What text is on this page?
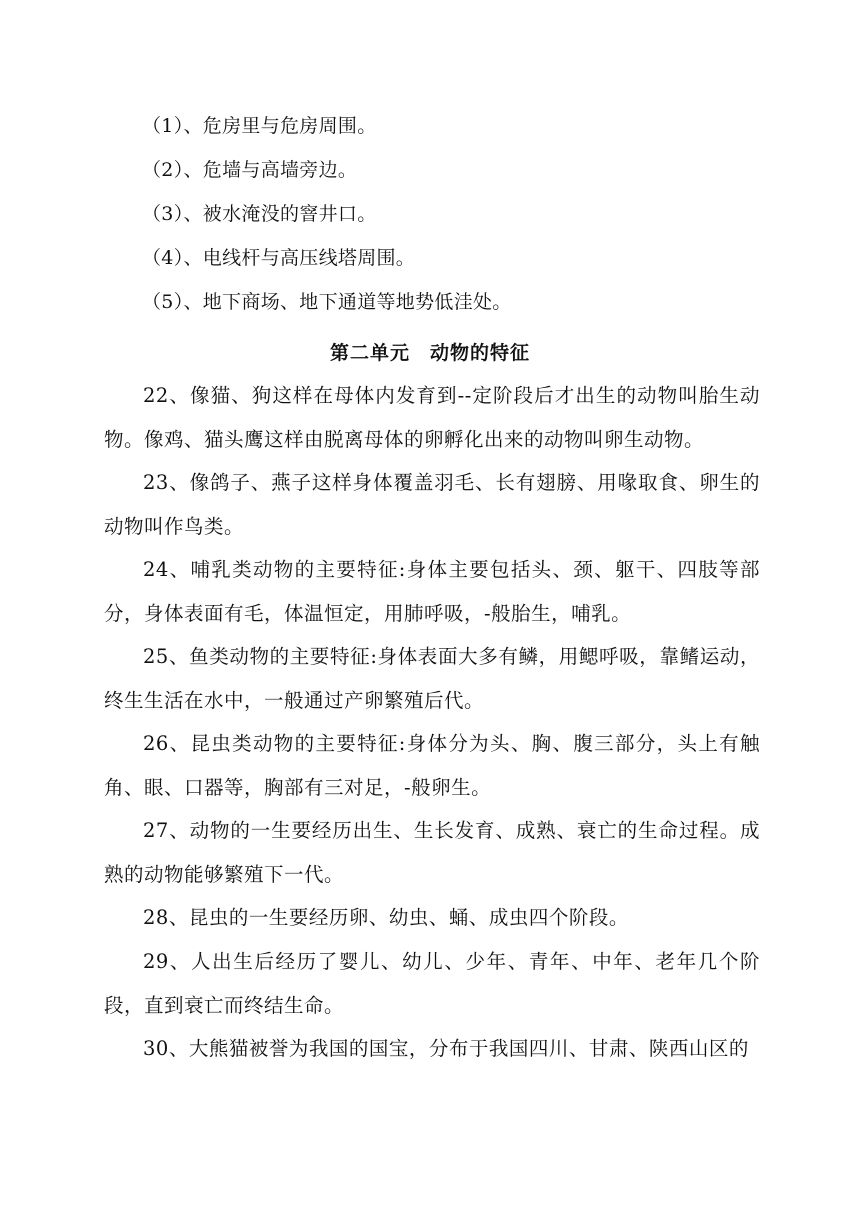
（1）、危房里与危房周围。
（2）、危墙与高墙旁边。
（3）、被水淹没的窨井口。
（4）、电线杆与高压线塔周围。
（5）、地下商场、地下通道等地势低洼处。
第二单元　动物的特征
22、像猫、狗这样在母体内发育到--定阶段后才出生的动物叫胎生动物。像鸡、猫头鹰这样由脱离母体的卵孵化出来的动物叫卵生动物。
23、像鸽子、燕子这样身体覆盖羽毛、长有翅膀、用喙取食、卵生的动物叫作鸟类。
24、哺乳类动物的主要特征:身体主要包括头、颈、躯干、四肢等部分，身体表面有毛，体温恒定，用肺呼吸，-般胎生，哺乳。
25、鱼类动物的主要特征:身体表面大多有鳞，用鳃呼吸，靠鳍运动，终生生活在水中，一般通过产卵繁殖后代。
26、昆虫类动物的主要特征:身体分为头、胸、腹三部分，头上有触角、眼、口器等，胸部有三对足，-般卵生。
27、动物的一生要经历出生、生长发育、成熟、衰亡的生命过程。成熟的动物能够繁殖下一代。
28、昆虫的一生要经历卵、幼虫、蛹、成虫四个阶段。
29、人出生后经历了婴儿、幼儿、少年、青年、中年、老年几个阶段，直到衰亡而终结生命。
30、大熊猫被誉为我国的国宝，分布于我国四川、甘肃、陕西山区的
